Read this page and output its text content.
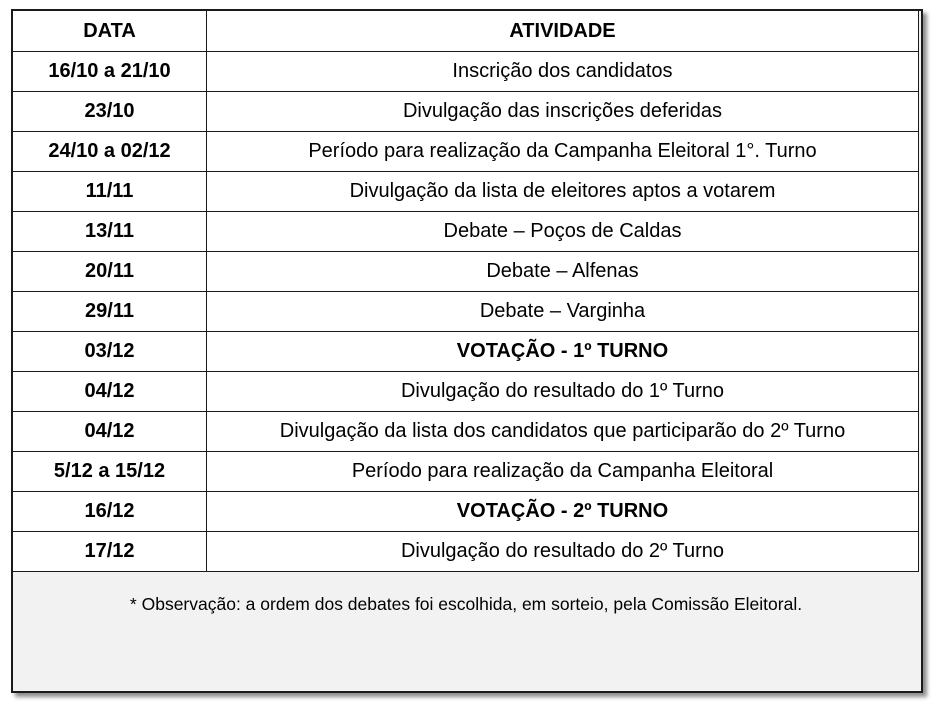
DATA	ATIVIDADE
16/10 a 21/10	Inscrição dos candidatos
23/10	Divulgação das inscrições deferidas
24/10 a 02/12	Período para realização da Campanha Eleitoral 1°. Turno
11/11	Divulgação da lista de eleitores aptos a votarem
13/11	Debate – Poços de Caldas
20/11	Debate – Alfenas
29/11	Debate – Varginha
03/12	VOTAÇÃO - 1º TURNO
04/12	Divulgação do resultado do 1º Turno
04/12	Divulgação da lista dos candidatos que participarão do 2º Turno
5/12 a 15/12	Período para realização da Campanha Eleitoral
16/12	VOTAÇÃO - 2º TURNO
17/12	Divulgação do resultado do 2º Turno
* Observação: a ordem dos debates foi escolhida, em sorteio, pela Comissão Eleitoral.
